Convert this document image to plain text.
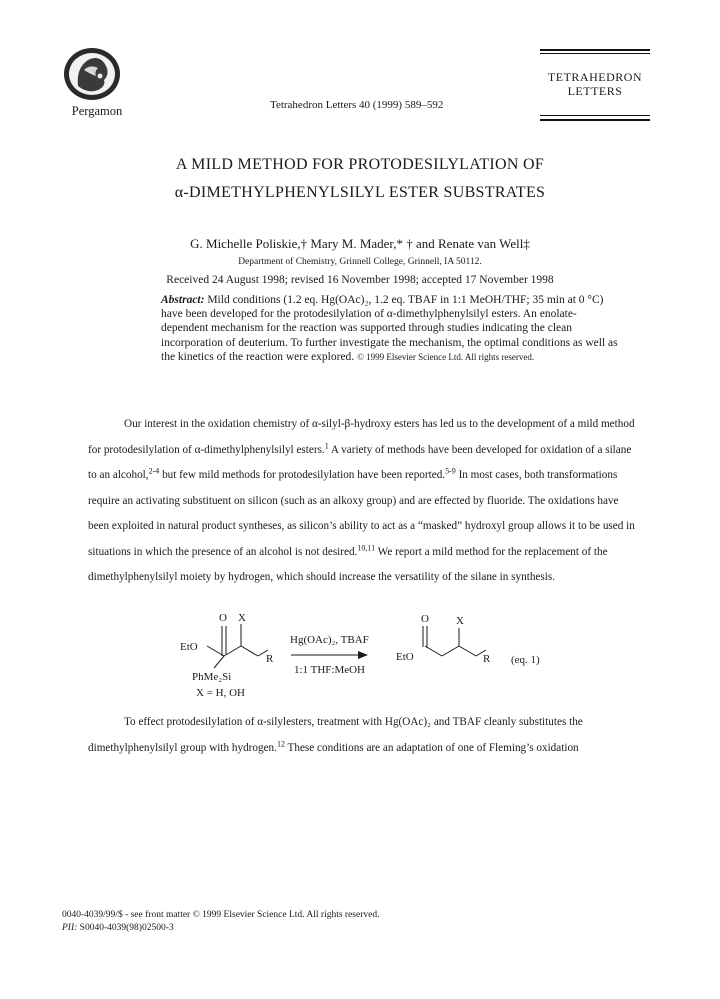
Pergamon	Tetrahedron Letters 40 (1999) 589–592
TETRAHEDRON
LETTERS
A MILD METHOD FOR PROTODESILYLATION OF
α-DIMETHYLPHENYLSILYL ESTER SUBSTRATES
G. Michelle Poliskie,† Mary M. Mader,* † and Renate van Well‡
Department of Chemistry, Grinnell College, Grinnell, IA 50112.
Received 24 August 1998; revised 16 November 1998; accepted 17 November 1998
Abstract: Mild conditions (1.2 eq. Hg(OAc)₂, 1.2 eq. TBAF in 1:1 MeOH/THF; 35 min at 0 °C) have been developed for the protodesilylation of α-dimethylphenylsilyl esters. An enolate-dependent mechanism for the reaction was supported through studies indicating the clean incorporation of deuterium. To further investigate the mechanism, the optimal conditions as well as the kinetics of the reaction were explored. © 1999 Elsevier Science Ltd. All rights reserved.
Our interest in the oxidation chemistry of α-silyl-β-hydroxy esters has led us to the development of a mild method for protodesilylation of α-dimethylphenylsilyl esters.$^1$ A variety of methods have been developed for oxidation of a silane to an alcohol,$^{2-4}$ but few mild methods for protodesilylation have been reported.$^{5-9}$ In most cases, both transformations require an activating substituent on silicon (such as an alkoxy group) and are effected by fluoride. The oxidations have been exploited in natural product syntheses, as silicon’s ability to act as a “masked” hydroxyl group allows it to be used in situations in which the presence of an alcohol is not desired.$^{10,11}$ We report a mild method for the replacement of the dimethylphenylsilyl moiety by hydrogen, which should increase the versatility of the silane in synthesis.
O X
EtO
R
PhMe₂Si
X = H, OH
Hg(OAc)₂, TBAF
1:1 THF:MeOH
O X
EtO	R (eq. 1)
To effect protodesilylation of α-silylesters, treatment with Hg(OAc)₂ and TBAF cleanly substitutes the dimethylphenylsilyl group with hydrogen.$^{12}$ These conditions are an adaptation of one of Fleming’s oxidation
0040-4039/99/$ - see front matter © 1999 Elsevier Science Ltd. All rights reserved.
PII: S0040-4039(98)02500-3
